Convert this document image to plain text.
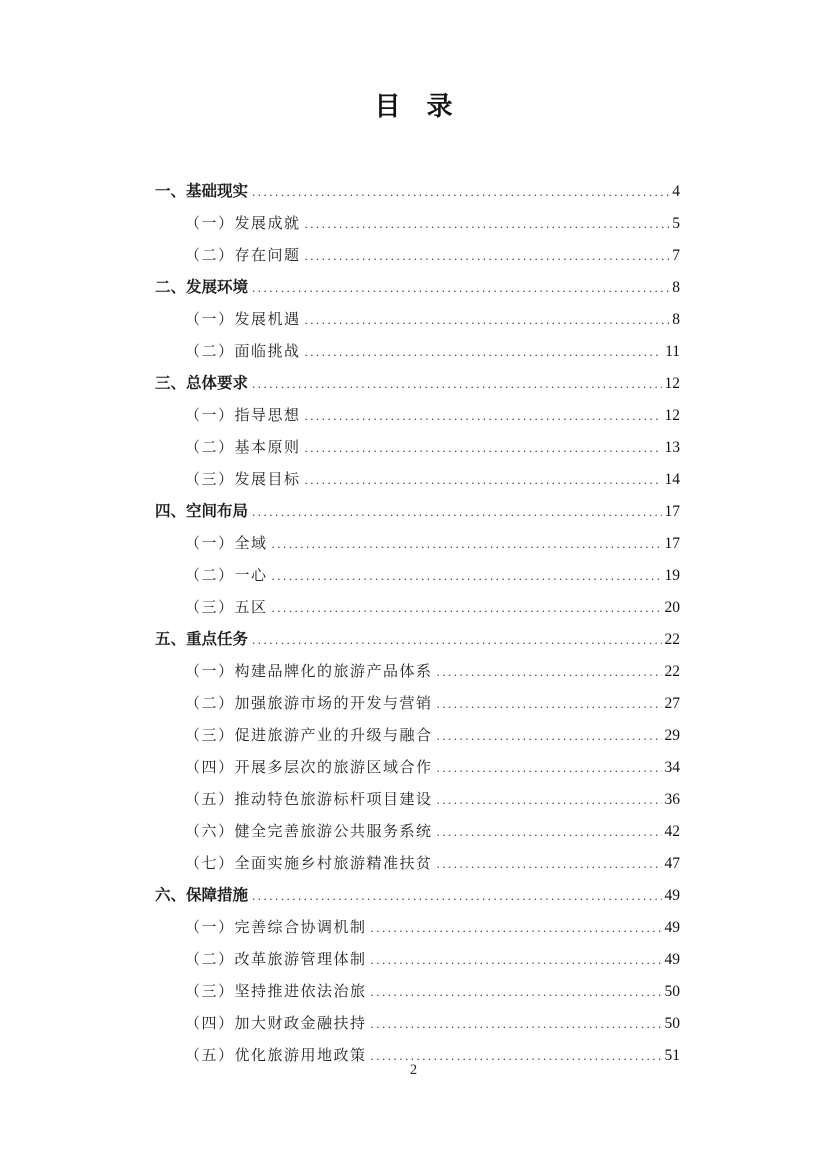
目　录
一、基础现实 .....	4
（一）发展成就 .....	5
（二）存在问题 .....	7
二、发展环境 .....	8
（一）发展机遇 .....	8
（二）面临挑战 .....	11
三、总体要求 .....	12
（一）指导思想 .....	12
（二）基本原则 .....	13
（三）发展目标 .....	14
四、空间布局 .....	17
（一）全域 .....	17
（二）一心 .....	19
（三）五区 .....	20
五、重点任务 .....	22
（一）构建品牌化的旅游产品体系 .....	22
（二）加强旅游市场的开发与营销 .....	27
（三）促进旅游产业的升级与融合 .....	29
（四）开展多层次的旅游区域合作 .....	34
（五）推动特色旅游标杆项目建设 .....	36
（六）健全完善旅游公共服务系统 .....	42
（七）全面实施乡村旅游精准扶贫 .....	47
六、保障措施 .....	49
（一）完善综合协调机制 .....	49
（二）改革旅游管理体制 .....	49
（三）坚持推进依法治旅 .....	50
（四）加大财政金融扶持 .....	50
（五）优化旅游用地政策 .....	51
2
